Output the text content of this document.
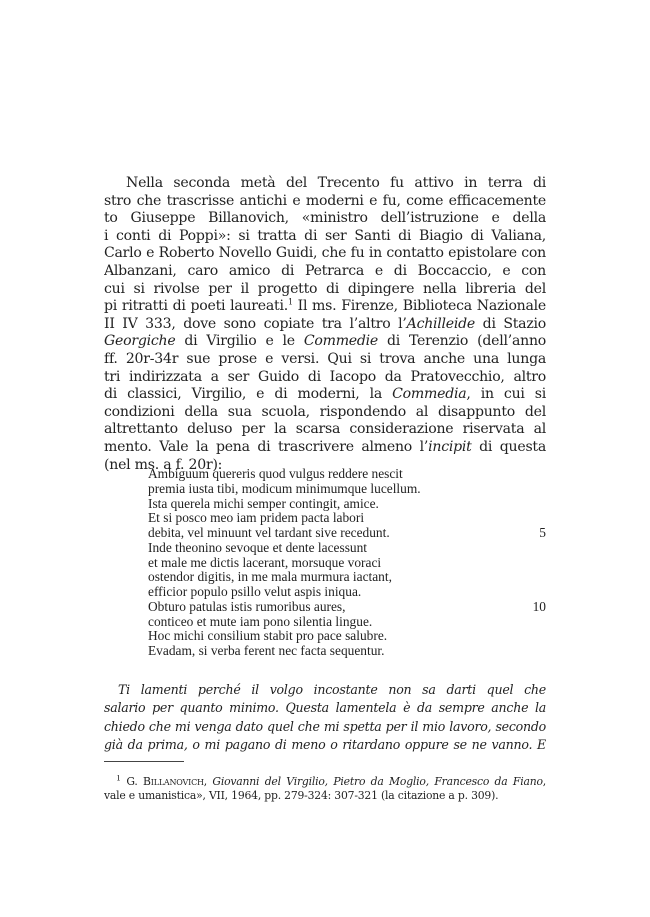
Nella seconda metà del Trecento fu attivo in terra di
stro che trascrisse antichi e moderni e fu, come efficacemente
to Giuseppe Billanovich, «ministro dell’istruzione e della
i conti di Poppi»: si tratta di ser Santi di Biagio di Valiana,
Carlo e Roberto Novello Guidi, che fu in contatto epistolare con
Albanzani, caro amico di Petrarca e di Boccaccio, e con
cui si rivolse per il progetto di dipingere nella libreria del
pi ritratti di poeti laureati.$^1$ Il ms. Firenze, Biblioteca Nazionale
II IV 333, dove sono copiate tra l’altro l’Achilleide di Stazio
Georgiche di Virgilio e le Commedie di Terenzio (dell’anno
ff. 20r-34r sue prose e versi. Qui si trova anche una lunga
tri indirizzata a ser Guido di Iacopo da Pratovecchio, altro
di classici, Virgilio, e di moderni, la Commedia, in cui si
condizioni della sua scuola, rispondendo al disappunto del
altrettanto deluso per la scarsa considerazione riservata al
mento. Vale la pena di trascrivere almeno l’incipit di questa
(nel ms. a f. 20r):
Ambiguum quereris quod vulgus reddere nescit
premia iusta tibi, modicum minimumque lucellum.
Ista querela michi semper contingit, amice.
Et si posco meo iam pridem pacta labori
debita, vel minuunt vel tardant sive recedunt.	5
Inde theonino sevoque et dente lacessunt
et male me dictis lacerant, morsuque voraci
ostendor digitis, in me mala murmura iactant,
efficior populo psillo velut aspis iniqua.
Obturo patulas istis rumoribus aures,	10
conticeo et mute iam pono silentia lingue.
Hoc michi consilium stabit pro pace salubre.
Evadam, si verba ferent nec facta sequentur.
Ti lamenti perché il volgo incostante non sa darti quel che
salario per quanto minimo. Questa lamentela è da sempre anche la
chiedo che mi venga dato quel che mi spetta per il mio lavoro, secondo
già da prima, o mi pagano di meno o ritardano oppure se ne vanno. E
$^1$ G. Billanovich, Giovanni del Virgilio, Pietro da Moglio, Francesco da Fiano,
vale e umanistica», VII, 1964, pp. 279-324: 307-321 (la citazione a p. 309).
